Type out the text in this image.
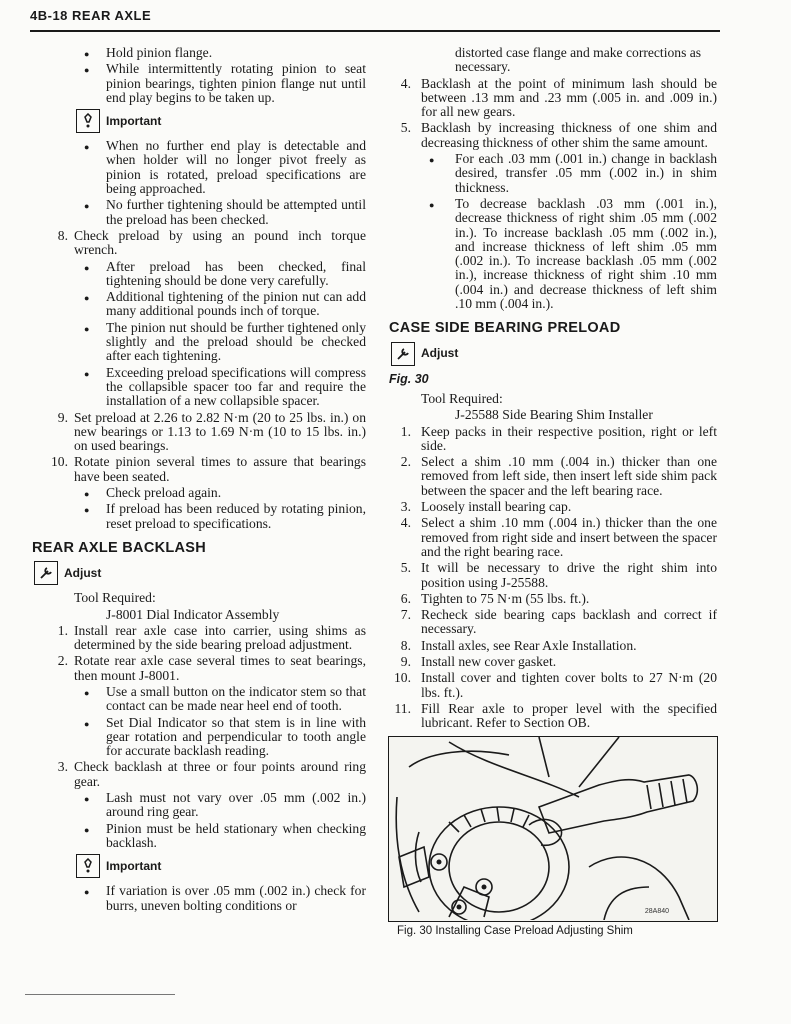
4B-18 REAR AXLE
● Hold pinion flange.
● While intermittently rotating pinion to seat pinion bearings, tighten pinion flange nut until end play begins to be taken up.
Important
● When no further end play is detectable and when holder will no longer pivot freely as pinion is rotated, preload specifications are being approached.
● No further tightening should be attempted until the preload has been checked.
8. Check preload by using an pound inch torque wrench.
● After preload has been checked, final tightening should be done very carefully.
● Additional tightening of the pinion nut can add many additional pounds inch of torque.
● The pinion nut should be further tightened only slightly and the preload should be checked after each tightening.
● Exceeding preload specifications will compress the collapsible spacer too far and require the installation of a new collapsible spacer.
9. Set preload at 2.26 to 2.82 N·m (20 to 25 lbs. in.) on new bearings or 1.13 to 1.69 N·m (10 to 15 lbs. in.) on used bearings.
10. Rotate pinion several times to assure that bearings have been seated.
● Check preload again.
● If preload has been reduced by rotating pinion, reset preload to specifications.
REAR AXLE BACKLASH
Adjust
Tool Required:
J-8001 Dial Indicator Assembly
1. Install rear axle case into carrier, using shims as determined by the side bearing preload adjustment.
2. Rotate rear axle case several times to seat bearings, then mount J-8001.
● Use a small button on the indicator stem so that contact can be made near heel end of tooth.
● Set Dial Indicator so that stem is in line with gear rotation and perpendicular to tooth angle for accurate backlash reading.
3. Check backlash at three or four points around ring gear.
● Lash must not vary over .05 mm (.002 in.) around ring gear.
● Pinion must be held stationary when checking backlash.
Important
● If variation is over .05 mm (.002 in.) check for burrs, uneven bolting conditions or
distorted case flange and make corrections as necessary.
4. Backlash at the point of minimum lash should be between .13 mm and .23 mm (.005 in. and .009 in.) for all new gears.
5. Backlash by increasing thickness of one shim and decreasing thickness of other shim the same amount.
● For each .03 mm (.001 in.) change in backlash desired, transfer .05 mm (.002 in.) in shim thickness.
● To decrease backlash .03 mm (.001 in.), decrease thickness of right shim .05 mm (.002 in.). To increase backlash .05 mm (.002 in.), and increase thickness of left shim .05 mm (.002 in.). To increase backlash .05 mm (.002 in.), increase thickness of right shim .10 mm (.004 in.) and decrease thickness of left shim .10 mm (.004 in.).
CASE SIDE BEARING PRELOAD
Adjust
Fig. 30
Tool Required:
J-25588 Side Bearing Shim Installer
1. Keep packs in their respective position, right or left side.
2. Select a shim .10 mm (.004 in.) thicker than one removed from left side, then insert left side shim pack between the spacer and the left bearing race.
3. Loosely install bearing cap.
4. Select a shim .10 mm (.004 in.) thicker than the one removed from right side and insert between the spacer and the right bearing race.
5. It will be necessary to drive the right shim into position using J-25588.
6. Tighten to 75 N·m (55 lbs. ft.).
7. Recheck side bearing caps backlash and correct if necessary.
8. Install axles, see Rear Axle Installation.
9. Install new cover gasket.
10. Install cover and tighten cover bolts to 27 N·m (20 lbs. ft.).
11. Fill Rear axle to proper level with the specified lubricant. Refer to Section OB.
28A840
Fig. 30 Installing Case Preload Adjusting Shim
